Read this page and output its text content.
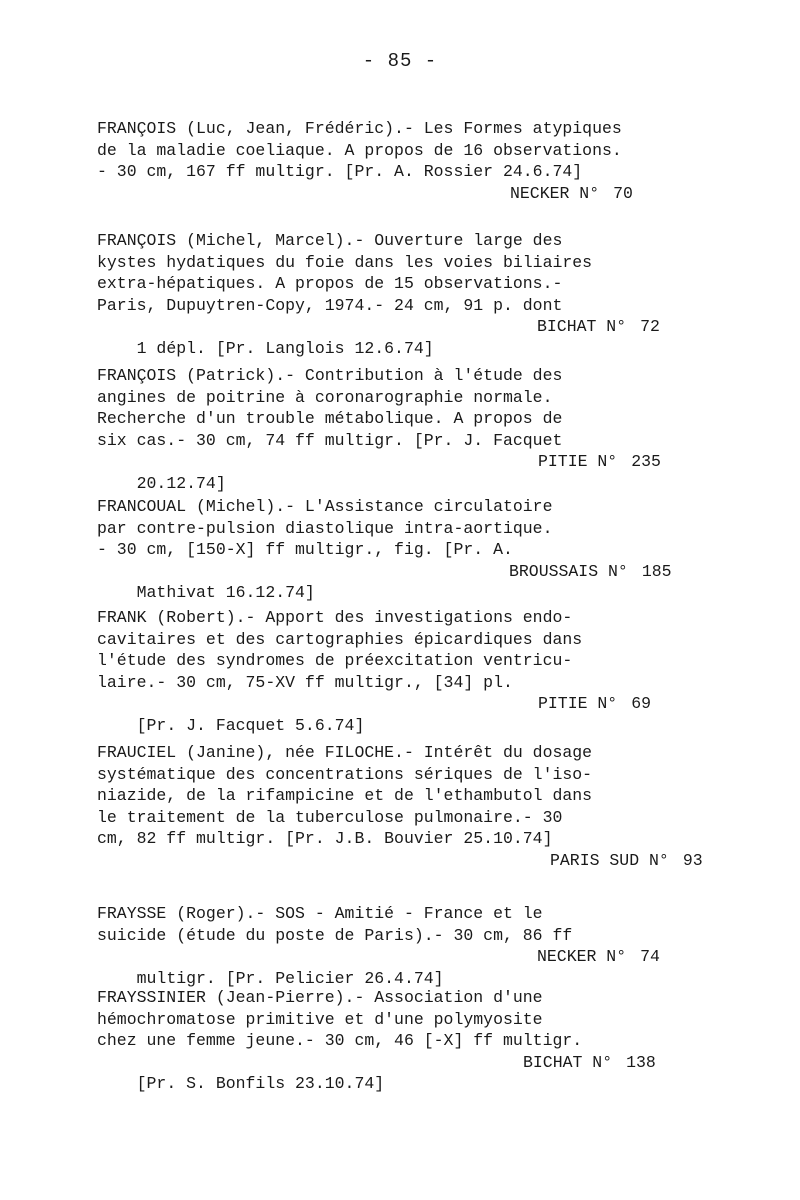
- 85 -
FRANÇOIS (Luc, Jean, Frédéric).- Les Formes atypiques
de la maladie coeliaque. A propos de 16 observations.
- 30 cm, 167 ff multigr. [Pr. A. Rossier 24.6.74]

NECKER N° 70

FRANÇOIS (Michel, Marcel).- Ouverture large des
kystes hydatiques du foie dans les voies biliaires
extra-hépatiques. A propos de 15 observations.-
Paris, Dupuytren-Copy, 1974.- 24 cm, 91 p. dont

1 dépl. [Pr. Langlois 12.6.74]

BICHAT N° 72

FRANÇOIS (Patrick).- Contribution à l'étude des
angines de poitrine à coronarographie normale.
Recherche d'un trouble métabolique. A propos de
six cas.- 30 cm, 74 ff multigr. [Pr. J. Facquet

20.12.74]

PITIE N° 235

FRANCOUAL (Michel).- L'Assistance circulatoire
par contre-pulsion diastolique intra-aortique.
- 30 cm, [150-X] ff multigr., fig. [Pr. A.

Mathivat 16.12.74]

BROUSSAIS N° 185

FRANK (Robert).- Apport des investigations endo-
cavitaires et des cartographies épicardiques dans
l'étude des syndromes de préexcitation ventricu-
laire.- 30 cm, 75-XV ff multigr., [34] pl.

[Pr. J. Facquet 5.6.74]

PITIE N° 69

FRAUCIEL (Janine), née FILOCHE.- Intérêt du dosage
systématique des concentrations sériques de l'iso-
niazide, de la rifampicine et de l'ethambutol dans
le traitement de la tuberculose pulmonaire.- 30
cm, 82 ff multigr. [Pr. J.B. Bouvier 25.10.74]

PARIS SUD N° 93

FRAYSSE (Roger).- SOS - Amitié - France et le
suicide (étude du poste de Paris).- 30 cm, 86 ff

multigr. [Pr. Pelicier 26.4.74]

NECKER N° 74

FRAYSSINIER (Jean-Pierre).- Association d'une
hémochromatose primitive et d'une polymyosite
chez une femme jeune.- 30 cm, 46 [-X] ff multigr.

[Pr. S. Bonfils 23.10.74]

BICHAT N° 138
